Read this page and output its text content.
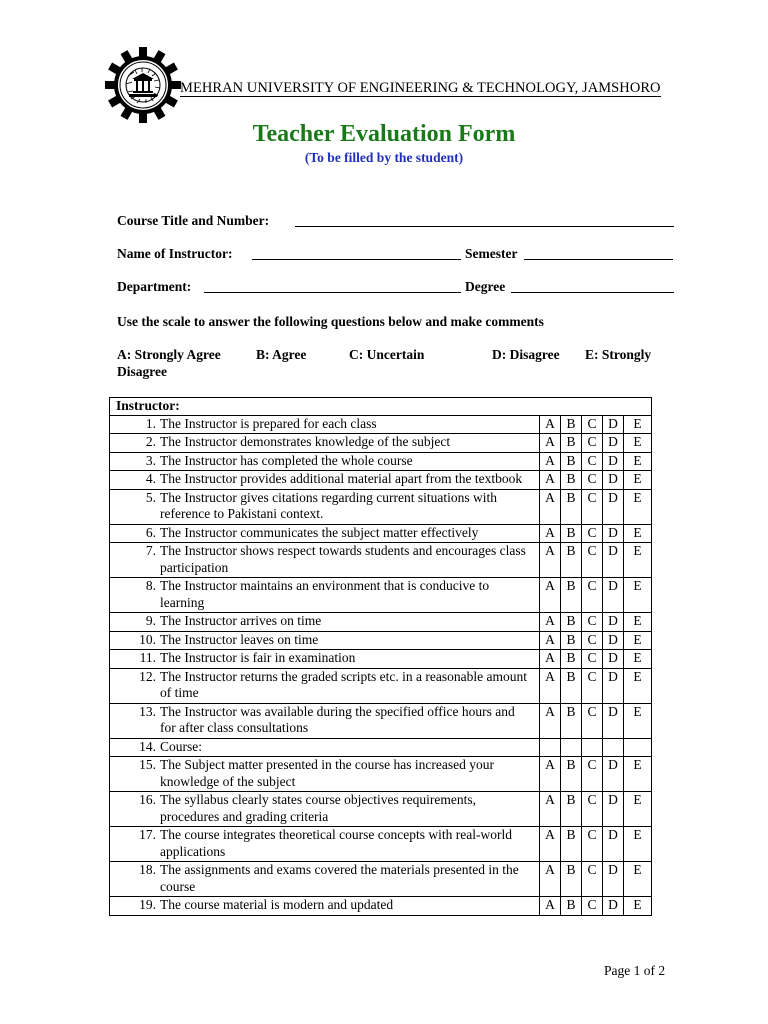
MEHRAN UNIVERSITY OF ENGINEERING & TECHNOLOGY, JAMSHORO
Teacher Evaluation Form
(To be filled by the student)
Course Title and Number:
Name of Instructor:	Semester
Department:	Degree
Use the scale to answer the following questions below and make comments
A: Strongly Agree	B: Agree	C: Uncertain	D: Disagree E: Strongly
Disagree
Instructor:					

1. The Instructor is prepared for each class	A	B	C	D	E

2. The Instructor demonstrates knowledge of the subject	A	B	C	D	E

3. The Instructor has completed the whole course	A	B	C	D	E

4. The Instructor provides additional material apart from the textbook	A	B	C	D	E

5. The Instructor gives citations regarding current situations with reference to Pakistani context.	A	B	C	D	E

6. The Instructor communicates the subject matter effectively	A	B	C	D	E

7. The Instructor shows respect towards students and encourages class participation	A	B	C	D	E

8. The Instructor maintains an environment that is conducive to learning	A	B	C	D	E

9. The Instructor arrives on time	A	B	C	D	E

10. The Instructor leaves on time	A	B	C	D	E

11. The Instructor is fair in examination	A	B	C	D	E

12. The Instructor returns the graded scripts etc. in a reasonable amount of time	A	B	C	D	E

13. The Instructor was available during the specified office hours and for after class consultations	A	B	C	D	E

14. Course:					

15. The Subject matter presented in the course has increased your knowledge of the subject	A	B	C	D	E

16. The syllabus clearly states course objectives requirements, procedures and grading criteria	A	B	C	D	E

17. The course integrates theoretical course concepts with real-world applications	A	B	C	D	E

18. The assignments and exams covered the materials presented in the course	A	B	C	D	E

19. The course material is modern and updated	A	B	C	D	E
Page 1 of 2
